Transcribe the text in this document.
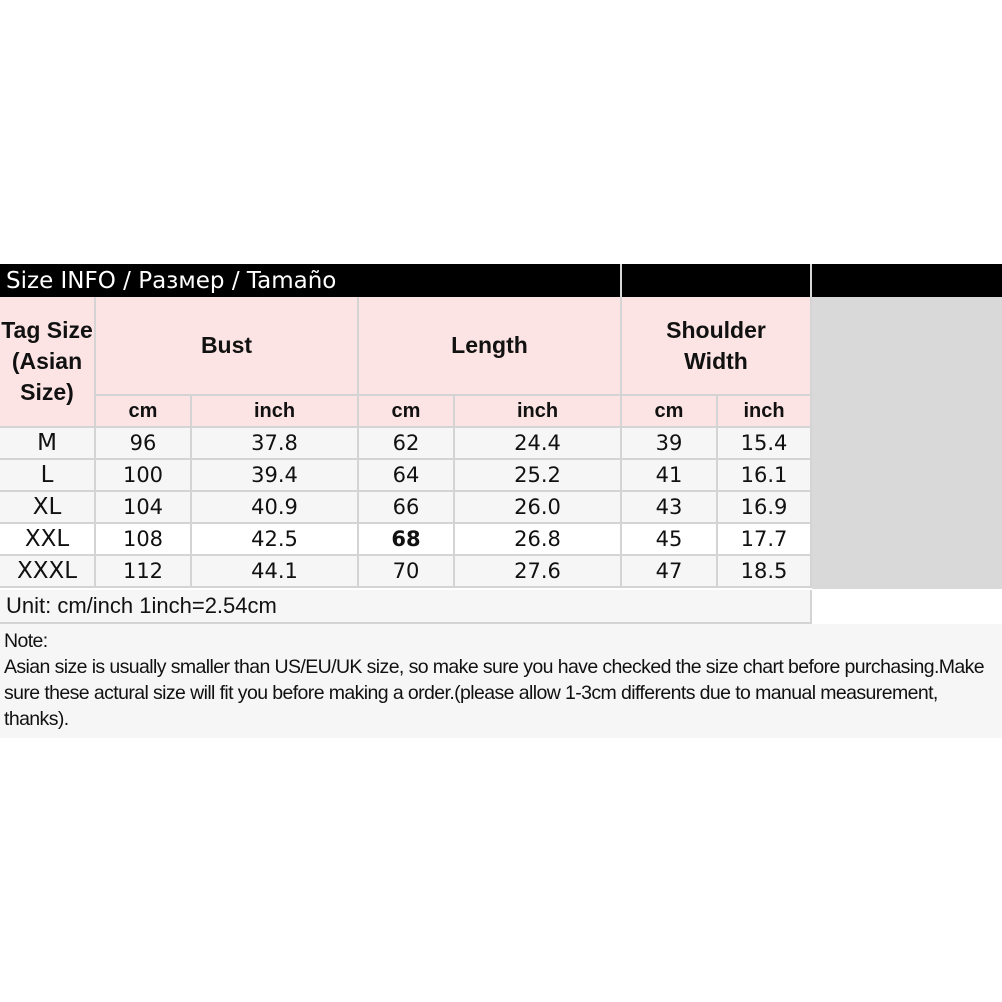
Size INFO / Размер / Tamaño
Tag Size (Asian Size)
Bust	Length
Shoulder Width
cm	inch	cm	inch	cm	inch
M	96	37.8	62	24.4	39	15.4
L	100	39.4	64	25.2	41	16.1
XL	104	40.9	66	26.0	43	16.9
XXL	108	42.5	68	26.8	45	17.7
XXXL	112	44.1	70	27.6	47	18.5
Unit: cm/inch 1inch=2.54cm

Note:

Asian size is usually smaller than US/EU/UK size, so make sure you have checked the size chart before purchasing.Make sure these actural size will fit you before making a order.(please allow 1-3cm differents due to manual measurement, thanks).
